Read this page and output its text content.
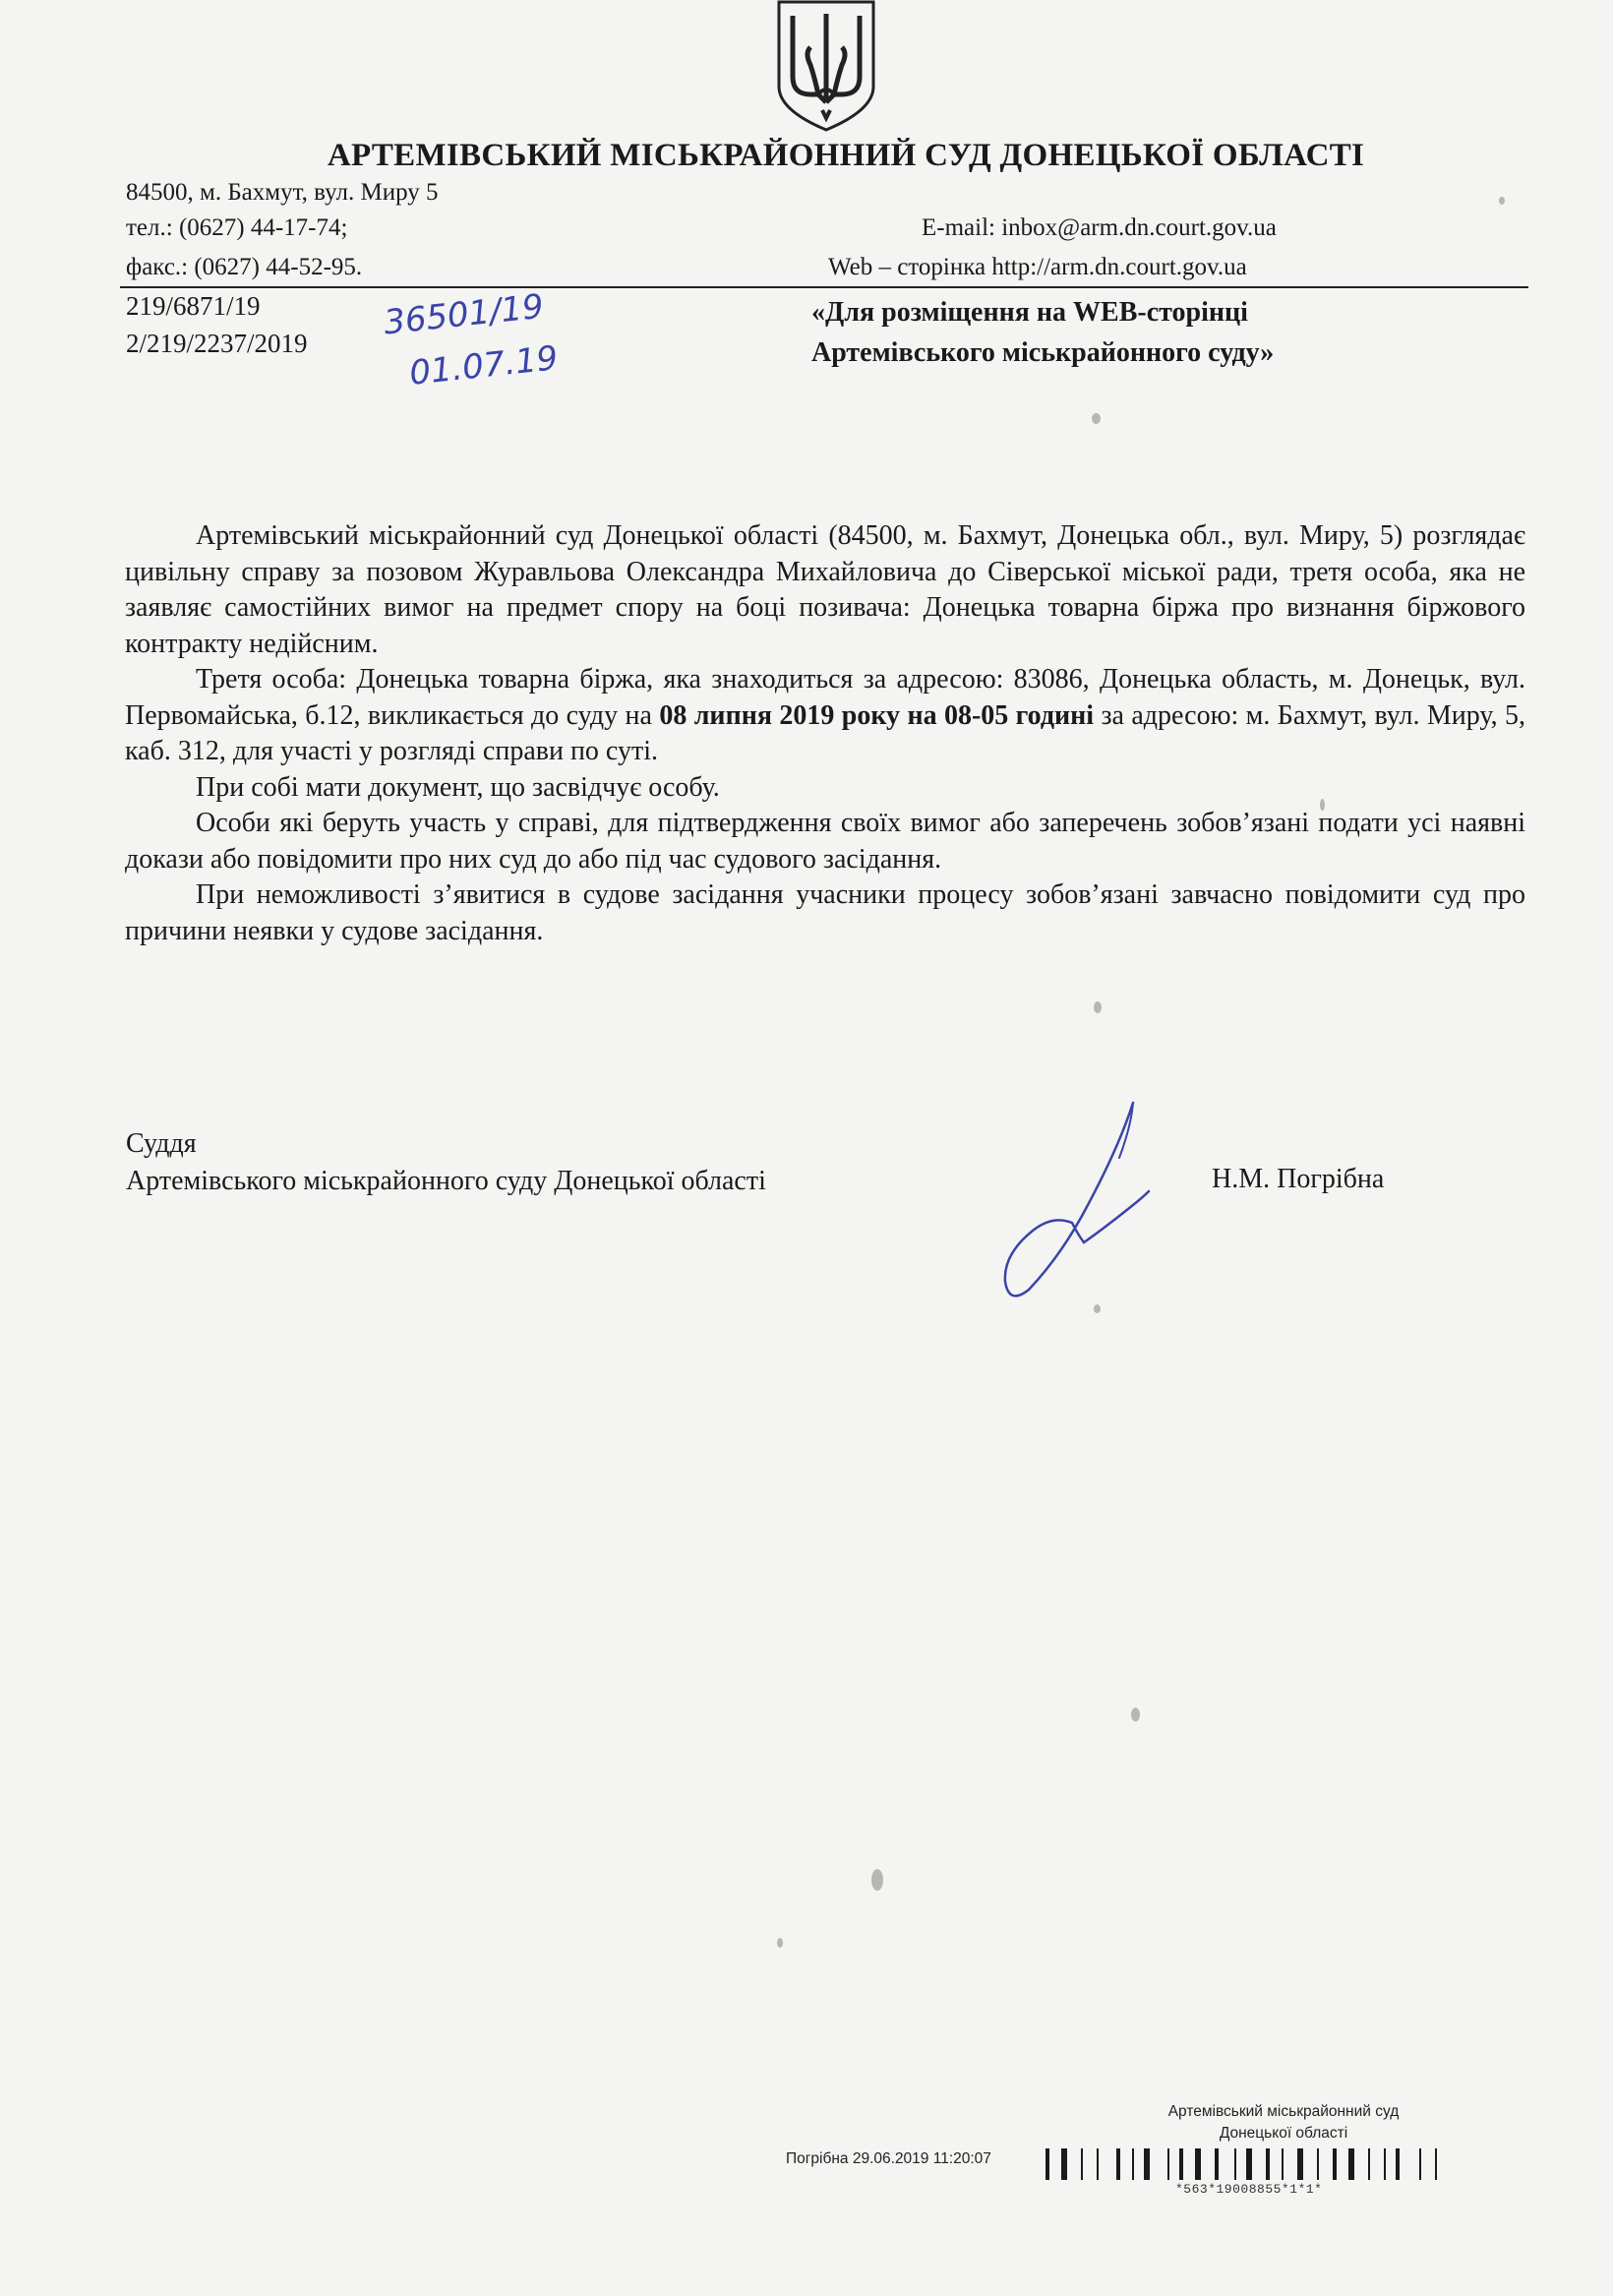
АРТЕМІВСЬКИЙ МІСЬКРАЙОННИЙ СУД ДОНЕЦЬКОЇ ОБЛАСТІ
84500, м. Бахмут, вул. Миру 5
тел.: (0627) 44-17-74;
факс.: (0627) 44-52-95.
E-mail: inbox@arm.dn.court.gov.ua
Web – сторінка http://arm.dn.court.gov.ua
219/6871/19
2/219/2237/2019
36501/19
01.07.19
«Для розміщення на WEB-сторінці
Артемівського міськрайонного суду»

Артемівський міськрайонний суд Донецької області (84500, м. Бахмут, Донецька обл., вул. Миру, 5) розглядає цивільну справу за позовом Журавльова Олександра Михайловича до Сіверської міської ради, третя особа, яка не заявляє самостійних вимог на предмет спору на боці позивача: Донецька товарна біржа про визнання біржового контракту недійсним.

Третя особа: Донецька товарна біржа, яка знаходиться за адресою: 83086, Донецька область, м. Донецьк, вул. Первомайська, б.12, викликається до суду на 08 липня 2019 року на 08-05 годині за адресою: м. Бахмут, вул. Миру, 5, каб. 312, для участі у розгляді справи по суті.

При собі мати документ, що засвідчує особу.

Особи які беруть участь у справі, для підтвердження своїх вимог або заперечень зобов’язані подати усі наявні докази або повідомити про них суд до або під час судового засідання.

При неможливості з’явитися в судове засідання учасники процесу зобов’язані завчасно повідомити суд про причини неявки у судове засідання.

Суддя
Артемівського міськрайонного суду Донецької області	Н.М. Погрібна
Артемівський міськрайонний суд
Донецької області
Погрібна 29.06.2019 11:20:07
*563*19008855*1*1*
